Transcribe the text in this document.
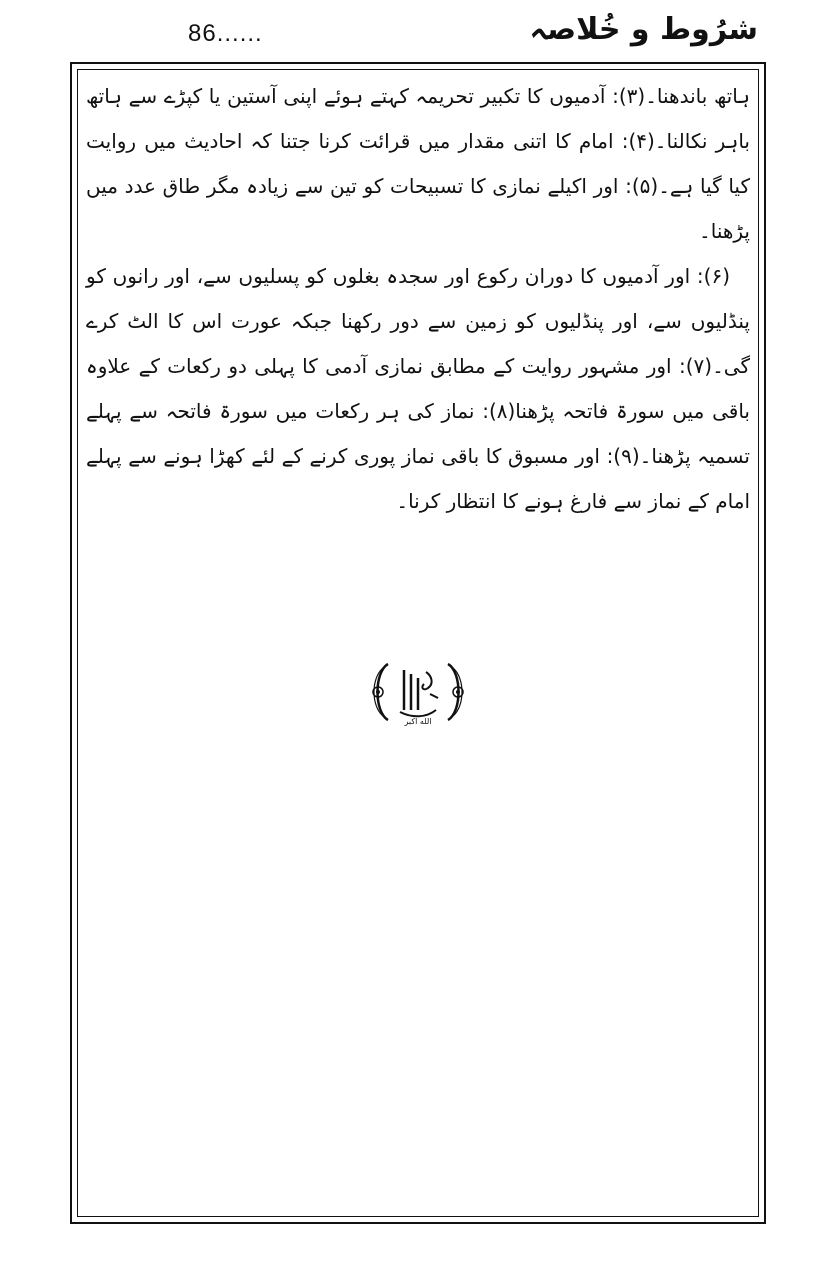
86......	شرُوط و خُلاصہ

ہاتھ باندھنا۔(۳): آدمیوں کا تکبیر تحریمہ کہتے ہوئے اپنی آستین یا کپڑے سے ہاتھ باہر نکالنا۔(۴): امام کا اتنی مقدار میں قرائت کرنا جتنا کہ احادیث میں روایت کیا گیا ہے۔(۵): اور اکیلے نمازی کا تسبیحات کو تین سے زیادہ مگر طاق عدد میں پڑھنا۔

(۶): اور آدمیوں کا دوران رکوع اور سجدہ بغلوں کو پسلیوں سے، اور رانوں کو پنڈلیوں سے، اور پنڈلیوں کو زمین سے دور رکھنا جبکہ عورت اس کا الٹ کرے گی۔(۷): اور مشہور روایت کے مطابق نمازی آدمی کا پہلی دو رکعات کے علاوہ باقی میں سورۃ فاتحہ پڑھنا(۸): نماز کی ہر رکعات میں سورۃ فاتحہ سے پہلے تسمیہ پڑھنا۔(۹): اور مسبوق کا باقی نماز پوری کرنے کے لئے کھڑا ہونے سے پہلے امام کے نماز سے فارغ ہونے کا انتظار کرنا۔

الله اكبر
